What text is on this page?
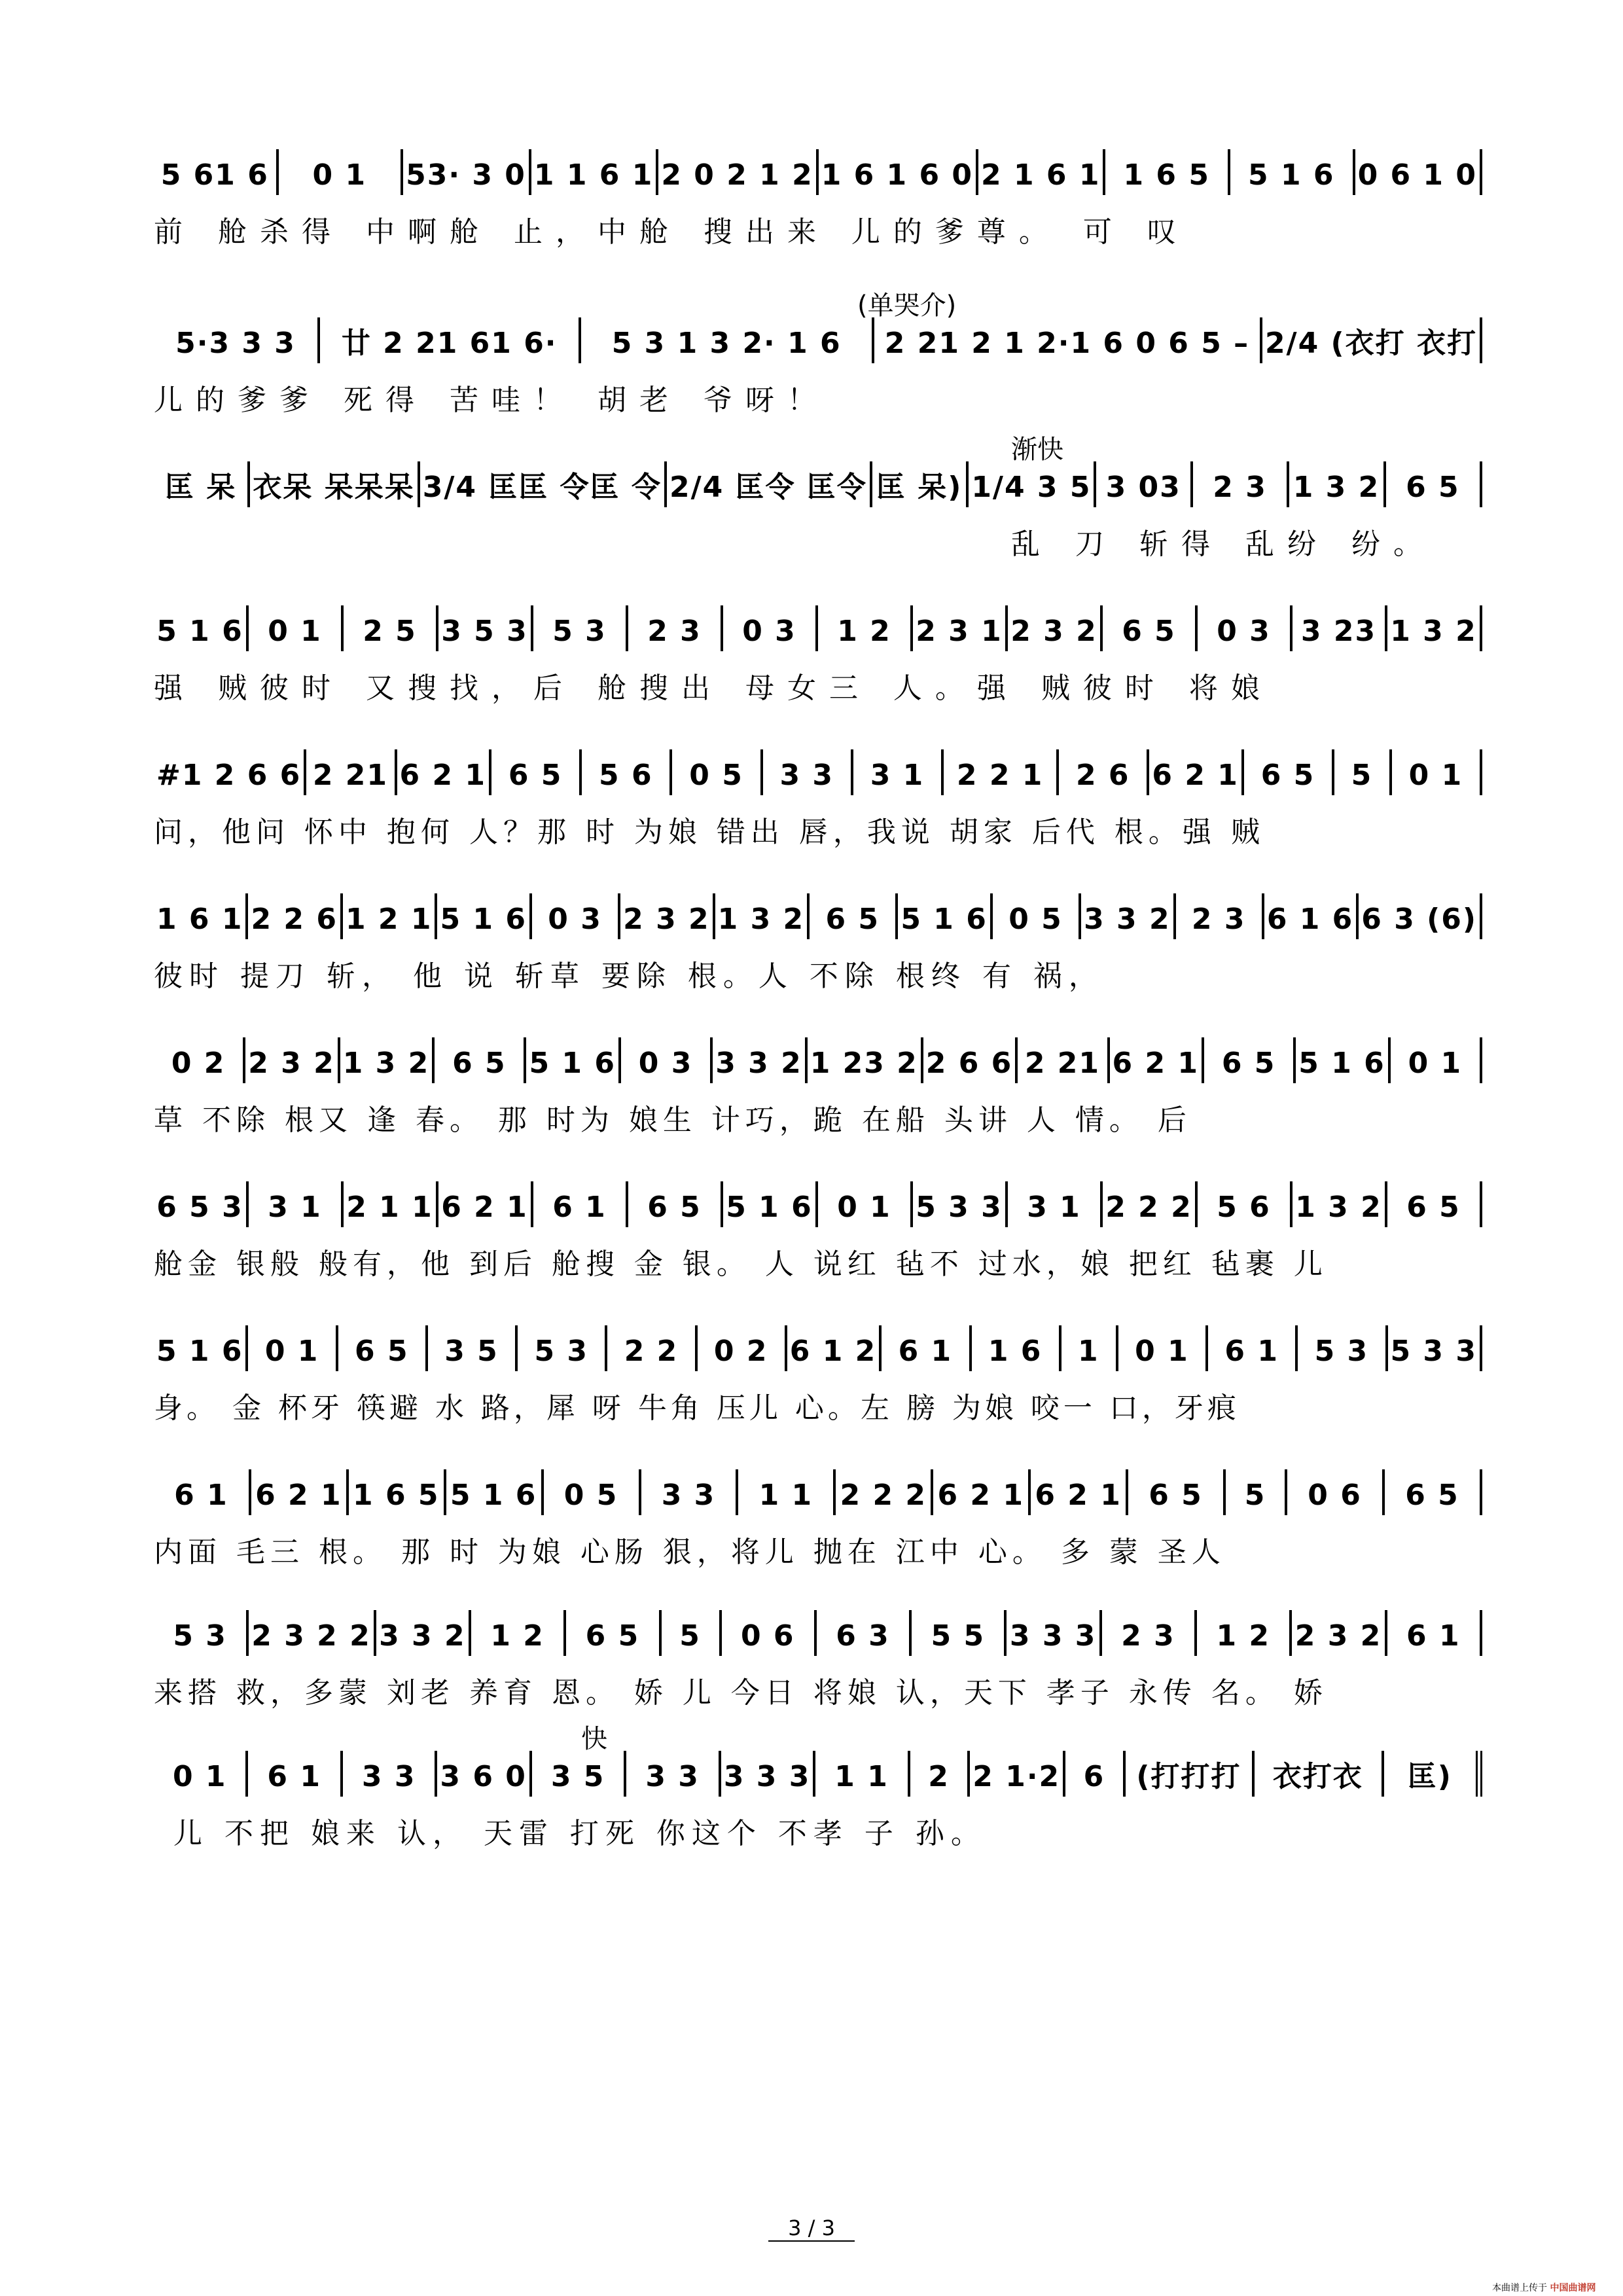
5 61 6	0 1	53· 3 0 1 1 6 1 2 0 2 1 2 1 6 1 6 0 2 1 6 1 1 6 5	5 1 6 0 6 1 0
前 舱杀得 中啊舱 止，中舱 搜出来 儿的爹尊。 可 叹
(单哭介)
5·3 3 3	廿 2 21 61 6·	5 3 1 3 2· 1 6	2 21 2 1 2·1 6 0 6 5 – 2/4 (衣打 衣打
儿的爹爹 死得 苦哇！ 胡老 爷呀！
渐快
匡 呆 衣呆 呆呆呆 3/4 匡匡 令匡 令 2/4 匡令 匡令 匡 呆) 1/4 3 5 3 03	2 3 1 3 2 6 5
乱 刀 斩得 乱纷 纷。
5 1 6 0 1	2 5 3 5 3 5 3	2 3	0 3	1 2 2 3 1 2 3 2 6 5	0 3	3 23 1 3 2
强 贼彼时 又搜找，后 舱搜出 母女三 人。强 贼彼时 将娘
#1 2 6 6 2 21 6 2 1 6 5	5 6	0 5	3 3	3 1	2 2 1	2 6 6 2 1 6 5	5	0 1
问，他问 怀中 抱何 人？那 时 为娘 错出 唇，我说 胡家 后代 根。强 贼
1 6 1 2 2 6 1 2 1 5 1 6 0 3 2 3 2 1 3 2 6 5 5 1 6 0 5 3 3 2 2 3 6 1 6 6 3 (6)
彼时 提刀 斩， 他 说 斩草 要除 根。人 不除 根终 有 祸，
0 2 2 3 2 1 3 2 6 5 5 1 6 0 3 3 3 2 1 23 2 2 6 6 2 21 6 2 1 6 5 5 1 6 0 1
草 不除 根又 逢 春。 那 时为 娘生 计巧，跪 在船 头讲 人 情。 后
6 5 3 3 1 2 1 1 6 2 1 6 1	6 5 5 1 6 0 1 5 3 3 3 1 2 2 2 5 6 1 3 2 6 5
舱金 银般 般有，他 到后 舱搜 金 银。 人 说红 毡不 过水，娘 把红 毡裹 儿
5 1 6 0 1	6 5	3 5	5 3	2 2	0 2 6 1 2 6 1	1 6	1	0 1	6 1	5 3 5 3 3
身。 金 杯牙 筷避 水 路，犀 呀 牛角 压儿 心。左 膀 为娘 咬一 口，牙痕
6 1 6 2 1 1 6 5 5 1 6 0 5	3 3	1 1 2 2 2 6 2 1 6 2 1 6 5	5	0 6	6 5
内面 毛三 根。 那 时 为娘 心肠 狠，将儿 抛在 江中 心。 多 蒙 圣人
5 3 2 3 2 2 3 3 2 1 2	6 5	5	0 6	6 3	5 5 3 3 3 2 3	1 2 2 3 2 6 1
来搭 救，多蒙 刘老 养育 恩。 娇 儿 今日 将娘 认，天下 孝子 永传 名。 娇
快
0 1	6 1	3 3 3 6 0 3 5	3 3 3 3 3 1 1	2 2 1·2 6	(打打打	衣打衣	匡)
儿 不把 娘来 认， 天雷 打死 你这个 不孝 子 孙。
3 / 3
本曲谱上传于 中国曲谱网
